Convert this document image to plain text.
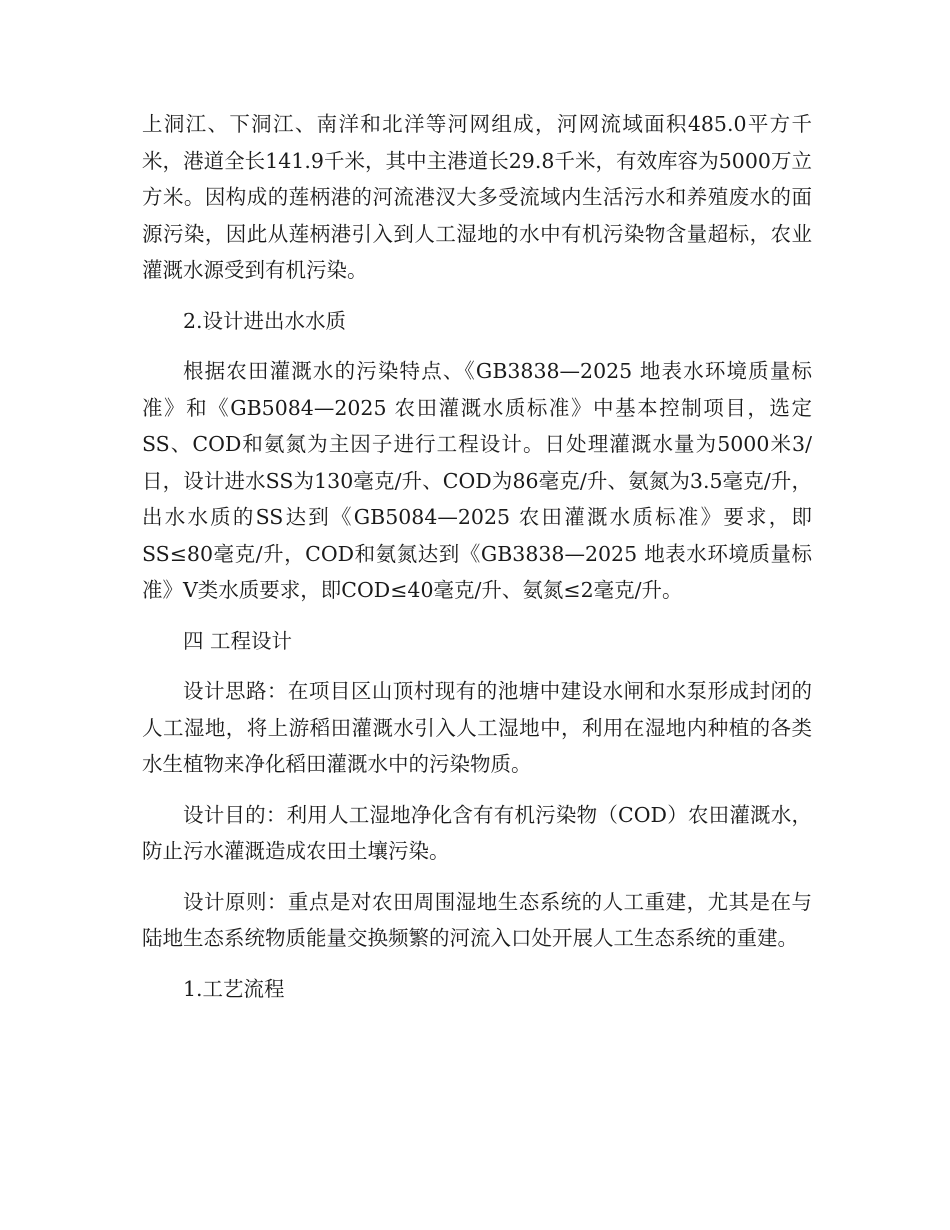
上洞江、下洞江、南洋和北洋等河网组成，河网流域面积485.0平方千米，港道全长141.9千米，其中主港道长29.8千米，有效库容为5000万立方米。因构成的莲柄港的河流港汊大多受流域内生活污水和养殖废水的面源污染，因此从莲柄港引入到人工湿地的水中有机污染物含量超标，农业灌溉水源受到有机污染。

2.设计进出水水质

根据农田灌溉水的污染特点、《GB3838—2025 地表水环境质量标准》和《GB5084—2025 农田灌溉水质标准》中基本控制项目，选定SS、COD和氨氮为主因子进行工程设计。日处理灌溉水量为5000米3/日，设计进水SS为130毫克/升、COD为86毫克/升、氨氮为3.5毫克/升，出水水质的SS达到《GB5084—2025 农田灌溉水质标准》要求，即SS≤80毫克/升，COD和氨氮达到《GB3838—2025 地表水环境质量标准》Ⅴ类水质要求，即COD≤40毫克/升、氨氮≤2毫克/升。

四 工程设计

设计思路：在项目区山顶村现有的池塘中建设水闸和水泵形成封闭的人工湿地，将上游稻田灌溉水引入人工湿地中，利用在湿地内种植的各类水生植物来净化稻田灌溉水中的污染物质。

设计目的：利用人工湿地净化含有有机污染物（COD）农田灌溉水，防止污水灌溉造成农田土壤污染。

设计原则：重点是对农田周围湿地生态系统的人工重建，尤其是在与陆地生态系统物质能量交换频繁的河流入口处开展人工生态系统的重建。

1.工艺流程
